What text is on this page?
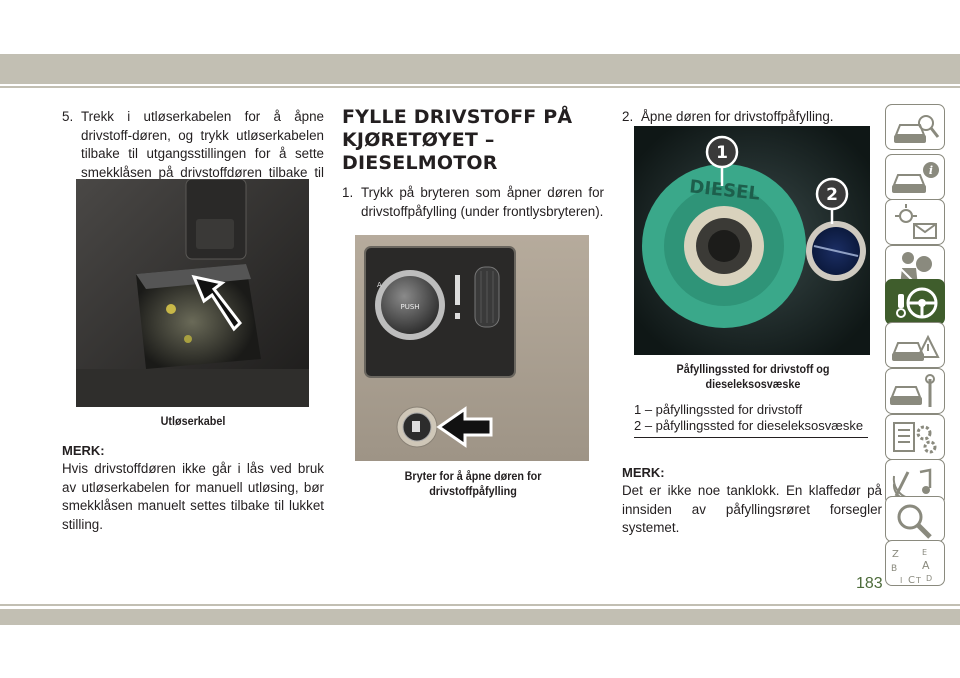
5. Trekk i utløserkabelen for å åpne drivstoff-døren, og trykk utløserkabelen tilbake til utgangsstillingen for å sette smekklåsen på drivstoffdøren tilbake til
Utløserkabel
MERK:
Hvis drivstoffdøren ikke går i lås ved bruk av utløserkabelen for manuell utløsing, bør smekklåsen manuelt settes tilbake til lukket stilling.
FYLLE DRIVSTOFF PÅ
KJØRETØYET –
DIESELMOTOR
1. Trykk på bryteren som åpner døren for drivstoffpåfylling (under frontlysbryteren).
PUSH
A
Bryter for å åpne døren for
drivstoffpåfylling
2. Åpne døren for drivstoffpåfylling.
DIESEL
1
2
Påfyllingssted for drivstoff og
dieseleksosvæske
1 – påfyllingssted for drivstoff
2 – påfyllingssted for dieseleksosvæske
MERK:
Det er ikke noe tanklokk. En klaffedør på innsiden av påfyllingsrøret forsegler systemet.
183
i
Z	E
B A
I C T D
